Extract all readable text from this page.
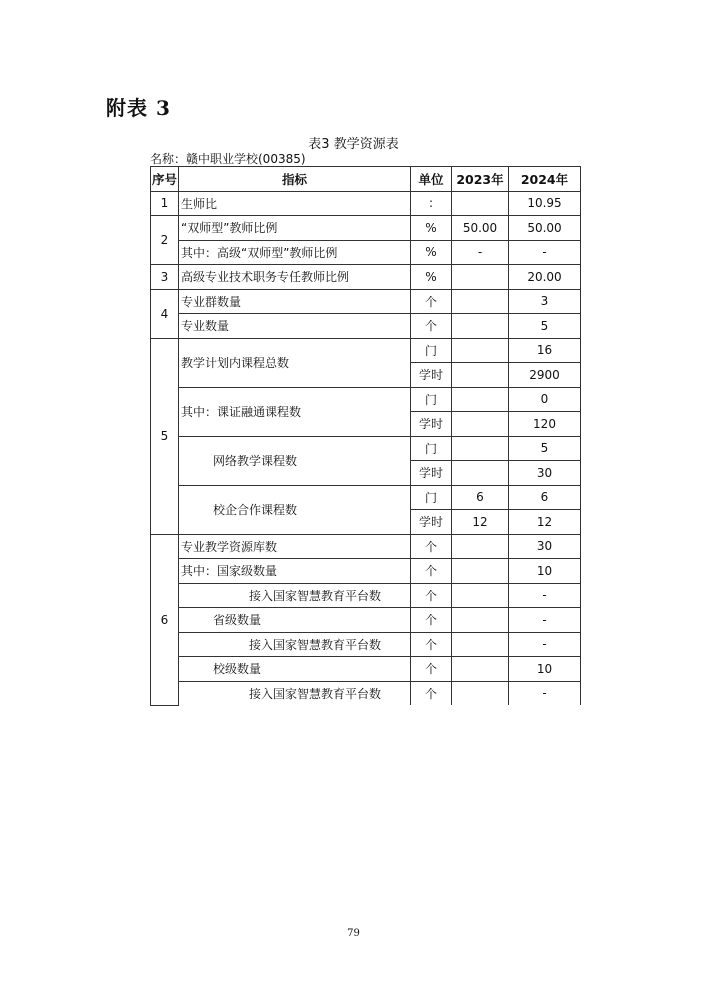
附表 3
表3 教学资源表
名称：赣中职业学校(00385)
序号	指标	单位	2023年	2024年
1	生师比	:		10.95
2	“双师型”教师比例	%	50.00	50.00
	其中：高级“双师型”教师比例	%	-	-
3	高级专业技术职务专任教师比例	%		20.00
4	专业群数量	个		3
	专业数量	个		5
5	教学计划内课程总数	门		16
		学时		2900
	其中：课证融通课程数	门		0
		学时		120
	网络教学课程数	门		5
		学时		30
	校企合作课程数	门	6	6
		学时	12	12
6	专业教学资源库数	个		30
	其中：国家级数量	个		10
	接入国家智慧教育平台数	个		-
	省级数量	个		-
	接入国家智慧教育平台数	个		-
	校级数量	个		10
	接入国家智慧教育平台数	个		-
79
